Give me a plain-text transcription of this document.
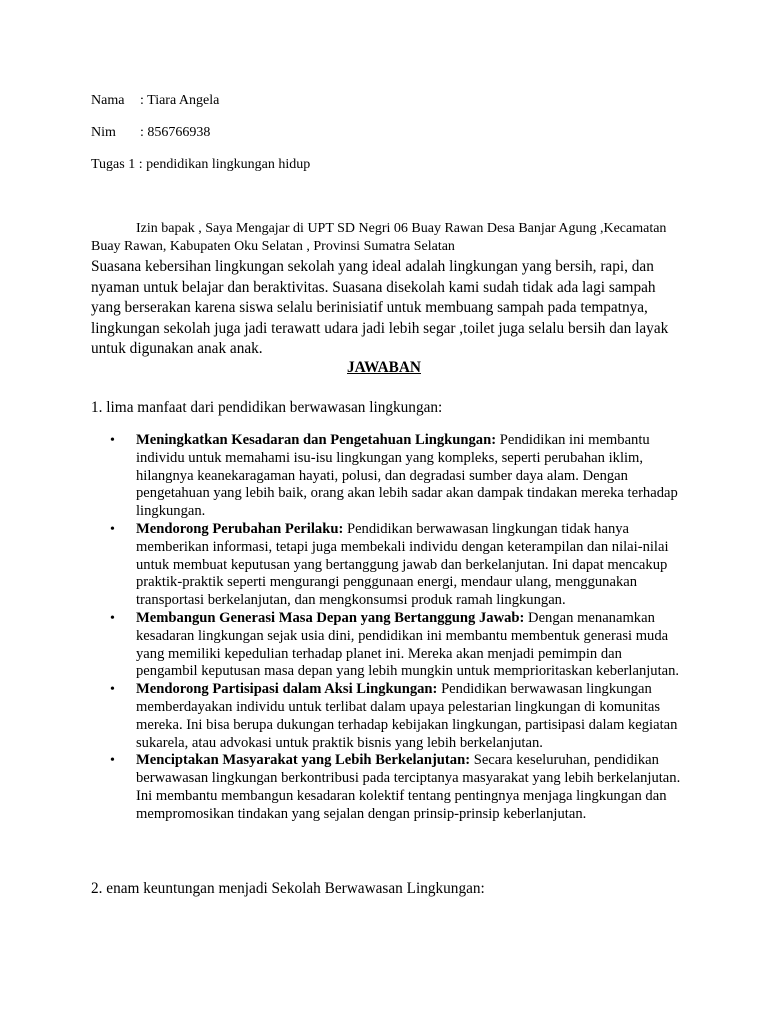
Nama : Tiara Angela
Nim : 856766938
Tugas 1 : pendidikan lingkungan hidup
Izin bapak , Saya Mengajar di UPT SD Negri 06 Buay Rawan Desa Banjar Agung ,Kecamatan Buay Rawan, Kabupaten Oku Selatan , Provinsi Sumatra Selatan
Suasana kebersihan lingkungan sekolah yang ideal adalah lingkungan yang bersih, rapi, dan nyaman untuk belajar dan beraktivitas. Suasana disekolah kami sudah tidak ada lagi sampah yang berserakan karena siswa selalu berinisiatif untuk membuang sampah pada tempatnya, lingkungan sekolah juga jadi terawatt udara jadi lebih segar ,toilet juga selalu bersih dan layak untuk digunakan anak anak.
JAWABAN
1. lima manfaat dari pendidikan berwawasan lingkungan:
• Meningkatkan Kesadaran dan Pengetahuan Lingkungan: Pendidikan ini membantu individu untuk memahami isu-isu lingkungan yang kompleks, seperti perubahan iklim, hilangnya keanekaragaman hayati, polusi, dan degradasi sumber daya alam. Dengan pengetahuan yang lebih baik, orang akan lebih sadar akan dampak tindakan mereka terhadap lingkungan.
• Mendorong Perubahan Perilaku: Pendidikan berwawasan lingkungan tidak hanya memberikan informasi, tetapi juga membekali individu dengan keterampilan dan nilai-nilai untuk membuat keputusan yang bertanggung jawab dan berkelanjutan. Ini dapat mencakup praktik-praktik seperti mengurangi penggunaan energi, mendaur ulang, menggunakan transportasi berkelanjutan, dan mengkonsumsi produk ramah lingkungan.
• Membangun Generasi Masa Depan yang Bertanggung Jawab: Dengan menanamkan kesadaran lingkungan sejak usia dini, pendidikan ini membantu membentuk generasi muda yang memiliki kepedulian terhadap planet ini. Mereka akan menjadi pemimpin dan pengambil keputusan masa depan yang lebih mungkin untuk memprioritaskan keberlanjutan.
• Mendorong Partisipasi dalam Aksi Lingkungan: Pendidikan berwawasan lingkungan memberdayakan individu untuk terlibat dalam upaya pelestarian lingkungan di komunitas mereka. Ini bisa berupa dukungan terhadap kebijakan lingkungan, partisipasi dalam kegiatan sukarela, atau advokasi untuk praktik bisnis yang lebih berkelanjutan.
• Menciptakan Masyarakat yang Lebih Berkelanjutan: Secara keseluruhan, pendidikan berwawasan lingkungan berkontribusi pada terciptanya masyarakat yang lebih berkelanjutan. Ini membantu membangun kesadaran kolektif tentang pentingnya menjaga lingkungan dan mempromosikan tindakan yang sejalan dengan prinsip-prinsip keberlanjutan.
2. enam keuntungan menjadi Sekolah Berwawasan Lingkungan:
